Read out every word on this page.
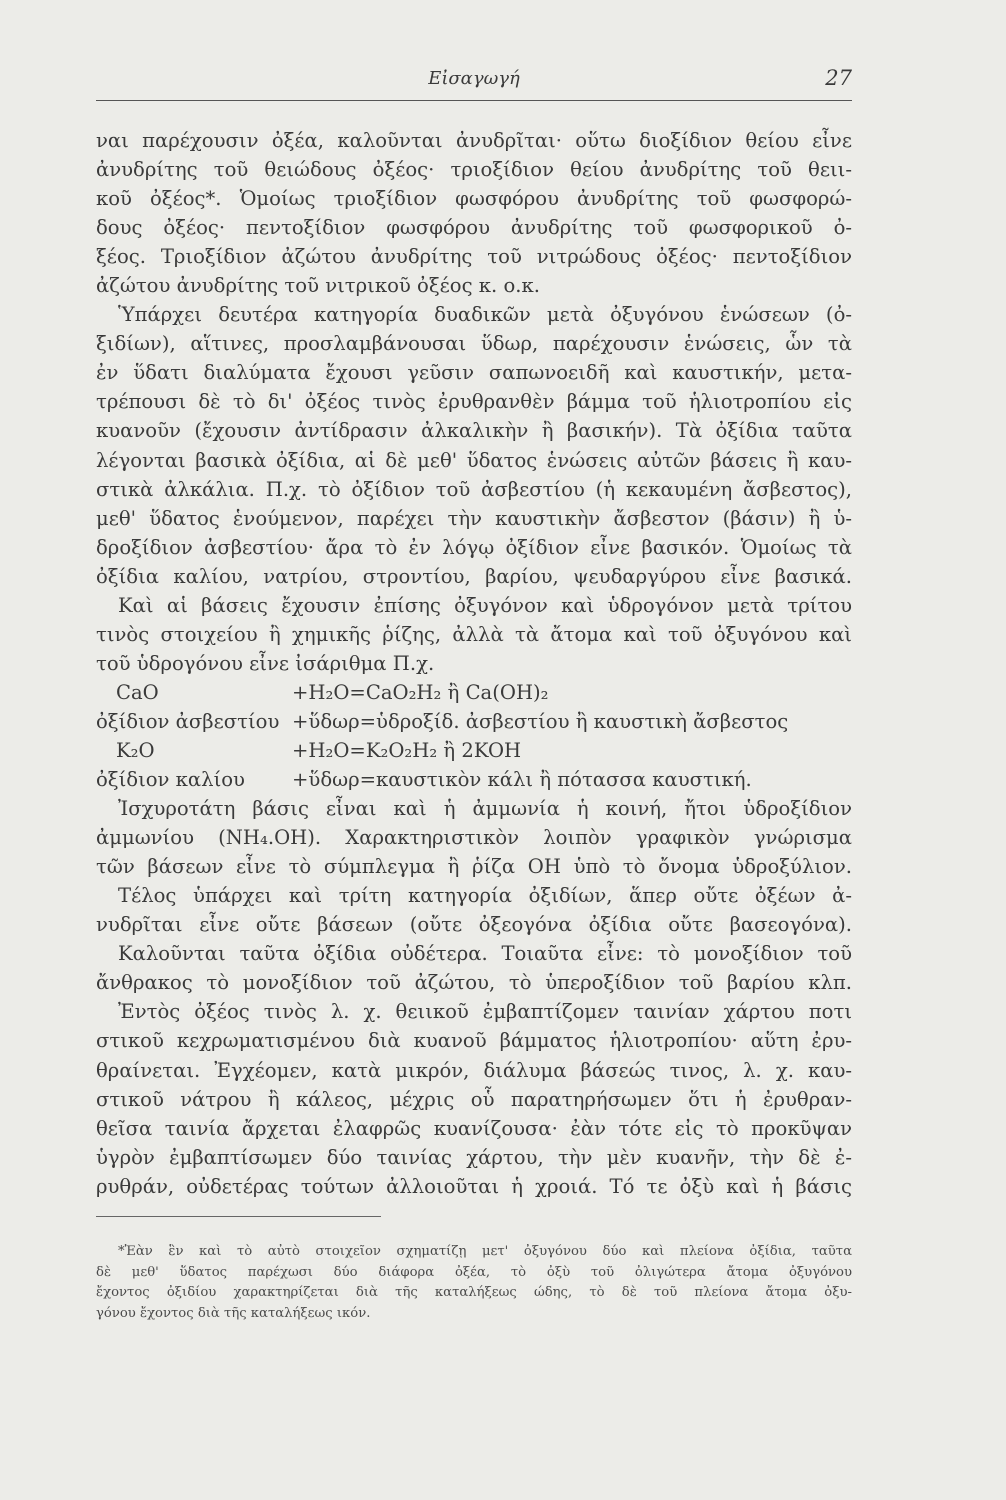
Εἰσαγωγή	27
ναι παρέχουσιν ὀξέα, καλοῦνται ἀνυδρῖται· οὕτω διοξίδιον θείου εἶνε
ἀνυδρίτης τοῦ θειώδους ὀξέος· τριοξίδιον θείου ἀνυδρίτης τοῦ θειι-
κοῦ ὀξέος*. Ὁμοίως τριοξίδιον φωσφόρου ἀνυδρίτης τοῦ φωσφορώ-
δους ὀξέος· πεντοξίδιον φωσφόρου ἀνυδρίτης τοῦ φωσφορικοῦ ὀ-
ξέος. Τριοξίδιον ἀζώτου ἀνυδρίτης τοῦ νιτρώδους ὀξέος· πεντοξίδιον
ἀζώτου ἀνυδρίτης τοῦ νιτρικοῦ ὀξέος κ. ο.κ.
Ὑπάρχει δευτέρα κατηγορία δυαδικῶν μετὰ ὀξυγόνου ἑνώσεων (ὀ-
ξιδίων), αἵτινες, προσλαμβάνουσαι ὕδωρ, παρέχουσιν ἑνώσεις, ὧν τὰ
ἐν ὕδατι διαλύματα ἔχουσι γεῦσιν σαπωνοειδῆ καὶ καυστικήν, μετα-
τρέπουσι δὲ τὸ δι' ὀξέος τινὸς ἐρυθρανθὲν βάμμα τοῦ ἡλιοτροπίου εἰς
κυανοῦν (ἔχουσιν ἀντίδρασιν ἀλκαλικὴν ἢ βασικήν). Τὰ ὀξίδια ταῦτα
λέγονται βασικὰ ὀξίδια, αἱ δὲ μεθ' ὕδατος ἑνώσεις αὐτῶν βάσεις ἢ καυ-
στικὰ ἀλκάλια. Π.χ. τὸ ὀξίδιον τοῦ ἀσβεστίου (ἡ κεκαυμένη ἄσβεστος),
μεθ' ὕδατος ἑνούμενον, παρέχει τὴν καυστικὴν ἄσβεστον (βάσιν) ἢ ὑ-
δροξίδιον ἀσβεστίου· ἄρα τὸ ἐν λόγῳ ὀξίδιον εἶνε βασικόν. Ὁμοίως τὰ
ὀξίδια καλίου, νατρίου, στροντίου, βαρίου, ψευδαργύρου εἶνε βασικά.
Καὶ αἱ βάσεις ἔχουσιν ἐπίσης ὀξυγόνον καὶ ὑδρογόνον μετὰ τρίτου
τινὸς στοιχείου ἢ χημικῆς ῥίζης, ἀλλὰ τὰ ἄτομα καὶ τοῦ ὀξυγόνου καὶ
τοῦ ὑδρογόνου εἶνε ἰσάριθμα Π.χ.
CaO	+H₂O=CaO₂H₂ ἢ Ca(OH)₂
ὀξίδιον ἀσβεστίου +ὕδωρ=ὑδροξίδ. ἀσβεστίου ἢ καυστικὴ ἄσβεστος
K₂O	+H₂O=K₂O₂H₂ ἢ 2KOH
ὀξίδιον καλίου	+ὕδωρ=καυστικὸν κάλι ἢ πότασσα καυστική.
Ἰσχυροτάτη βάσις εἶναι καὶ ἡ ἀμμωνία ἡ κοινή, ἤτοι ὑδροξίδιον
ἀμμωνίου (NH₄.OH). Χαρακτηριστικὸν λοιπὸν γραφικὸν γνώρισμα
τῶν βάσεων εἶνε τὸ σύμπλεγμα ἢ ῥίζα OH ὑπὸ τὸ ὄνομα ὑδροξύλιον.
Τέλος ὑπάρχει καὶ τρίτη κατηγορία ὀξιδίων, ἅπερ οὔτε ὀξέων ἀ-
νυδρῖται εἶνε οὔτε βάσεων (οὔτε ὀξεογόνα ὀξίδια οὔτε βασεογόνα).
Καλοῦνται ταῦτα ὀξίδια οὐδέτερα. Τοιαῦτα εἶνε: τὸ μονοξίδιον τοῦ
ἄνθρακος τὸ μονοξίδιον τοῦ ἀζώτου, τὸ ὑπεροξίδιον τοῦ βαρίου κλπ.
Ἐντὸς ὀξέος τινὸς λ. χ. θειικοῦ ἐμβαπτίζομεν ταινίαν χάρτου ποτι
στικοῦ κεχρωματισμένου διὰ κυανοῦ βάμματος ἡλιοτροπίου· αὕτη ἐρυ-
θραίνεται. Ἐγχέομεν, κατὰ μικρόν, διάλυμα βάσεώς τινος, λ. χ. καυ-
στικοῦ νάτρου ἢ κάλεος, μέχρις οὗ παρατηρήσωμεν ὅτι ἡ ἐρυθραν-
θεῖσα ταινία ἄρχεται ἐλαφρῶς κυανίζουσα· ἐὰν τότε εἰς τὸ προκῦψαν
ὑγρὸν ἐμβαπτίσωμεν δύο ταινίας χάρτου, τὴν μὲν κυανῆν, τὴν δὲ ἐ-
ρυθράν, οὐδετέρας τούτων ἀλλοιοῦται ἡ χροιά. Τό τε ὀξὺ καὶ ἡ βάσις
*Ἐὰν ἓν καὶ τὸ αὐτὸ στοιχεῖον σχηματίζῃ μετ' ὀξυγόνου δύο καὶ πλείονα ὀξίδια, ταῦτα
δὲ μεθ' ὕδατος παρέχωσι δύο διάφορα ὀξέα, τὸ ὀξὺ τοῦ ὀλιγώτερα ἄτομα ὀξυγόνου
ἔχοντος ὀξιδίου χαρακτηρίζεται διὰ τῆς καταλήξεως ώδης, τὸ δὲ τοῦ πλείονα ἄτομα ὀξυ-
γόνου ἔχοντος διὰ τῆς καταλήξεως ικόν.
